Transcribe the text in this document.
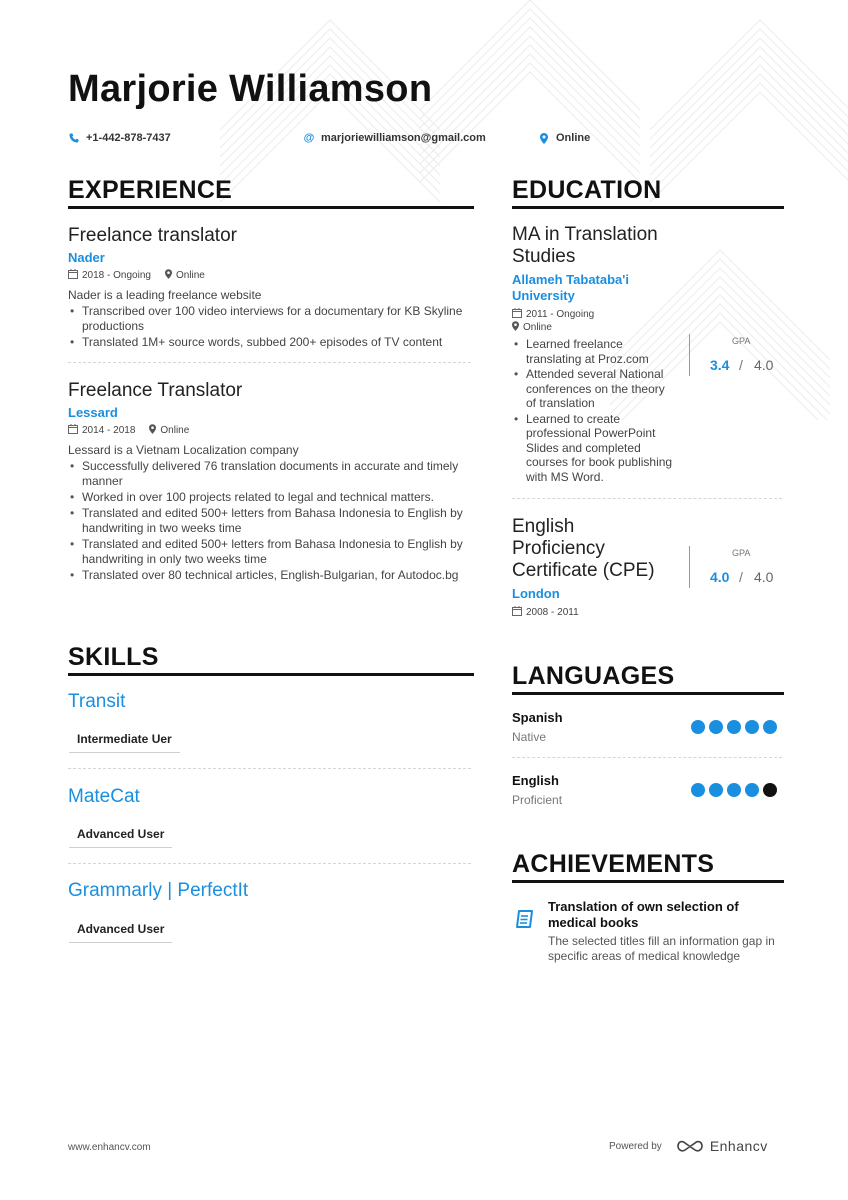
Marjorie Williamson
+1-442-878-7437	@ marjoriewilliamson@gmail.com	Online
EXPERIENCE
Freelance translator
Nader
2018 - Ongoing	Online
Nader is a leading freelance website
• Transcribed over 100 video interviews for a documentary for KB Skyline productions
• Translated 1M+ source words, subbed 200+ episodes of TV content
Freelance Translator
Lessard
2014 - 2018	Online
Lessard is a Vietnam Localization company
• Successfully delivered 76 translation documents in accurate and timely manner
• Worked in over 100 projects related to legal and technical matters.
• Translated and edited 500+ letters from Bahasa Indonesia to English by handwriting in two weeks time
• Translated and edited 500+ letters from Bahasa Indonesia to English by handwriting in only two weeks time
• Translated over 80 technical articles, English-Bulgarian, for Autodoc.bg
SKILLS
Transit
Intermediate Uer
MateCat
Advanced User
Grammarly | PerfectIt
Advanced User
EDUCATION
MA in Translation
Studies
Allameh Tabataba'i
University
2011 - Ongoing
Online
• Learned freelance translating at Proz.com
• Attended several National conferences on the theory of translation
• Learned to create professional PowerPoint Slides and completed courses for book publishing with MS Word.
GPA
3.4 / 4.0
English
Proficiency
Certificate (CPE)
London
2008 - 2011
GPA
4.0 / 4.0
LANGUAGES
Spanish
Native
English
Proficient
ACHIEVEMENTS
Translation of own selection of medical books
The selected titles fill an information gap in specific areas of medical knowledge
www.enhancv.com	Powered by	Enhancv
